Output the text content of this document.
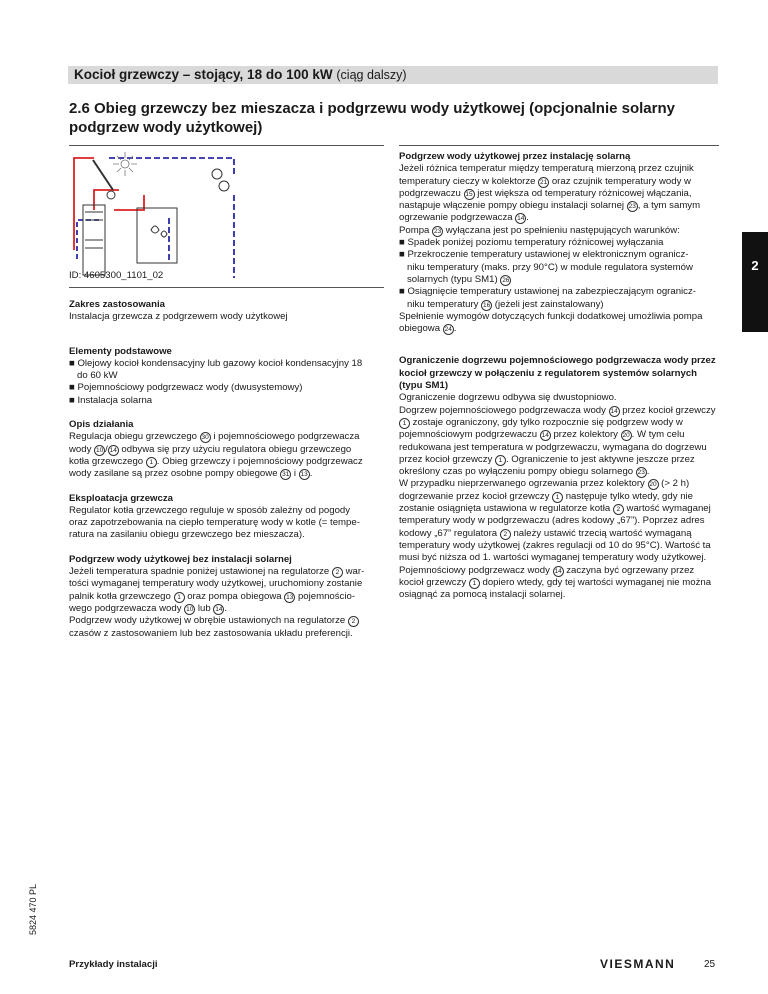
Kocioł grzewczy – stojący, 18 do 100 kW (ciąg dalszy)
2.6 Obieg grzewczy bez mieszacza i podgrzewu wody użytkowej (opcjonalnie solarny podgrzew wody użytkowej)
ID: 4605300_1101_02

Zakres zastosowania

Instalacja grzewcza z podgrzewem wody użytkowej

Elementy podstawowe

■ Olejowy kocioł kondensacyjny lub gazowy kocioł kondensacyjny 18

do 60 kW

■ Pojemnościowy podgrzewacz wody (dwusystemowy)

■ Instalacja solarna

Opis działania

Regulacja obiegu grzewczego 30 i pojemnościowego podgrzewacza

wody 10 / 14 odbywa się przy użyciu regulatora obiegu grzewczego

kotła grzewczego 1 . Obieg grzewczy i pojemnościowy podgrzewacz

wody zasilane są przez osobne pompy obiegowe 31 i 13 .

Eksploatacja grzewcza

Regulator kotła grzewczego reguluje w sposób zależny od pogody

oraz zapotrzebowania na ciepło temperaturę wody w kotle (= tempe-

ratura na zasilaniu obiegu grzewczego bez mieszacza).

Podgrzew wody użytkowej bez instalacji solarnej

Jeżeli temperatura spadnie poniżej ustawionej na regulatorze 2 war-

tości wymaganej temperatury wody użytkowej, uruchomiony zostanie

palnik kotła grzewczego 1 oraz pompa obiegowa 13 pojemnościo-

wego podgrzewacza wody 10 lub 14 .

Podgrzew wody użytkowej w obrębie ustawionych na regulatorze 2

czasów z zastosowaniem lub bez zastosowania układu preferencji.

Podgrzew wody użytkowej przez instalację solarną

Jeżeli różnica temperatur między temperaturą mierzoną przez czujnik temperatury cieczy w kolektorze 21 oraz czujnik temperatury wody w podgrzewaczu 15 jest większa od temperatury różnicowej włączania, nastąpuje włączenie pompy obiegu instalacji solarnej 23 , a tym samym ogrzewanie podgrzewacza 14 .

Pompa 23 wyłączana jest po spełnieniu następujących warunków:

■ Spadek poniżej poziomu temperatury różnicowej wyłączania

■ Przekroczenie temperatury ustawionej w elektronicznym ogranicz-
niku temperatury (maks. przy 90°C) w module regulatora systemów
solarnych (typu SM1) 26

■ Osiągnięcie temperatury ustawionej na zabezpieczającym ogranicz-
niku temperatury 16 (jeżeli jest zainstalowany)

Spełnienie wymogów dotyczących funkcji dodatkowej umożliwia pompa obiegowa 24 .

Ograniczenie dogrzewu pojemnościowego podgrzewacza wody przez kocioł grzewczy w połączeniu z regulatorem systemów solarnych (typu SM1)

Ograniczenie dogrzewu odbywa się dwustopniowo.

Dogrzew pojemnościowego podgrzewacza wody 14 przez kocioł grzewczy 1 zostaje ograniczony, gdy tylko rozpocznie się podgrzew wody w pojemnościowym podgrzewaczu 14 przez kolektory 20 . W tym celu redukowana jest temperatura w podgrzewaczu, wymagana do dogrzewu przez kocioł grzewczy 1 . Ograniczenie to jest aktywne jeszcze przez określony czas po wyłączeniu pompy obiegu solarnego 23 .

W przypadku nieprzerwanego ogrzewania przez kolektory 20 (> 2 h) dogrzewanie przez kocioł grzewczy 1 następuje tylko wtedy, gdy nie zostanie osiągnięta ustawiona w regulatorze kotła 2 wartość wymaganej temperatury wody w podgrzewaczu (adres kodowy „67”). Poprzez adres kodowy „67” regulatora 2 należy ustawić trzecią wartość wymaganą temperatury wody użytkowej (zakres regulacji od 10 do 95°C). Wartość ta musi być niższa od 1. wartości wymaganej temperatury wody użytkowej.

Pojemnościowy podgrzewacz wody 14 zaczyna być ogrzewany przez kocioł grzewczy 1 dopiero wtedy, gdy tej wartości wymaganej nie można osiągnąć za pomocą instalacji solarnej.

2
5824 470 PL
Przykłady instalacji	VIESMANN	25
